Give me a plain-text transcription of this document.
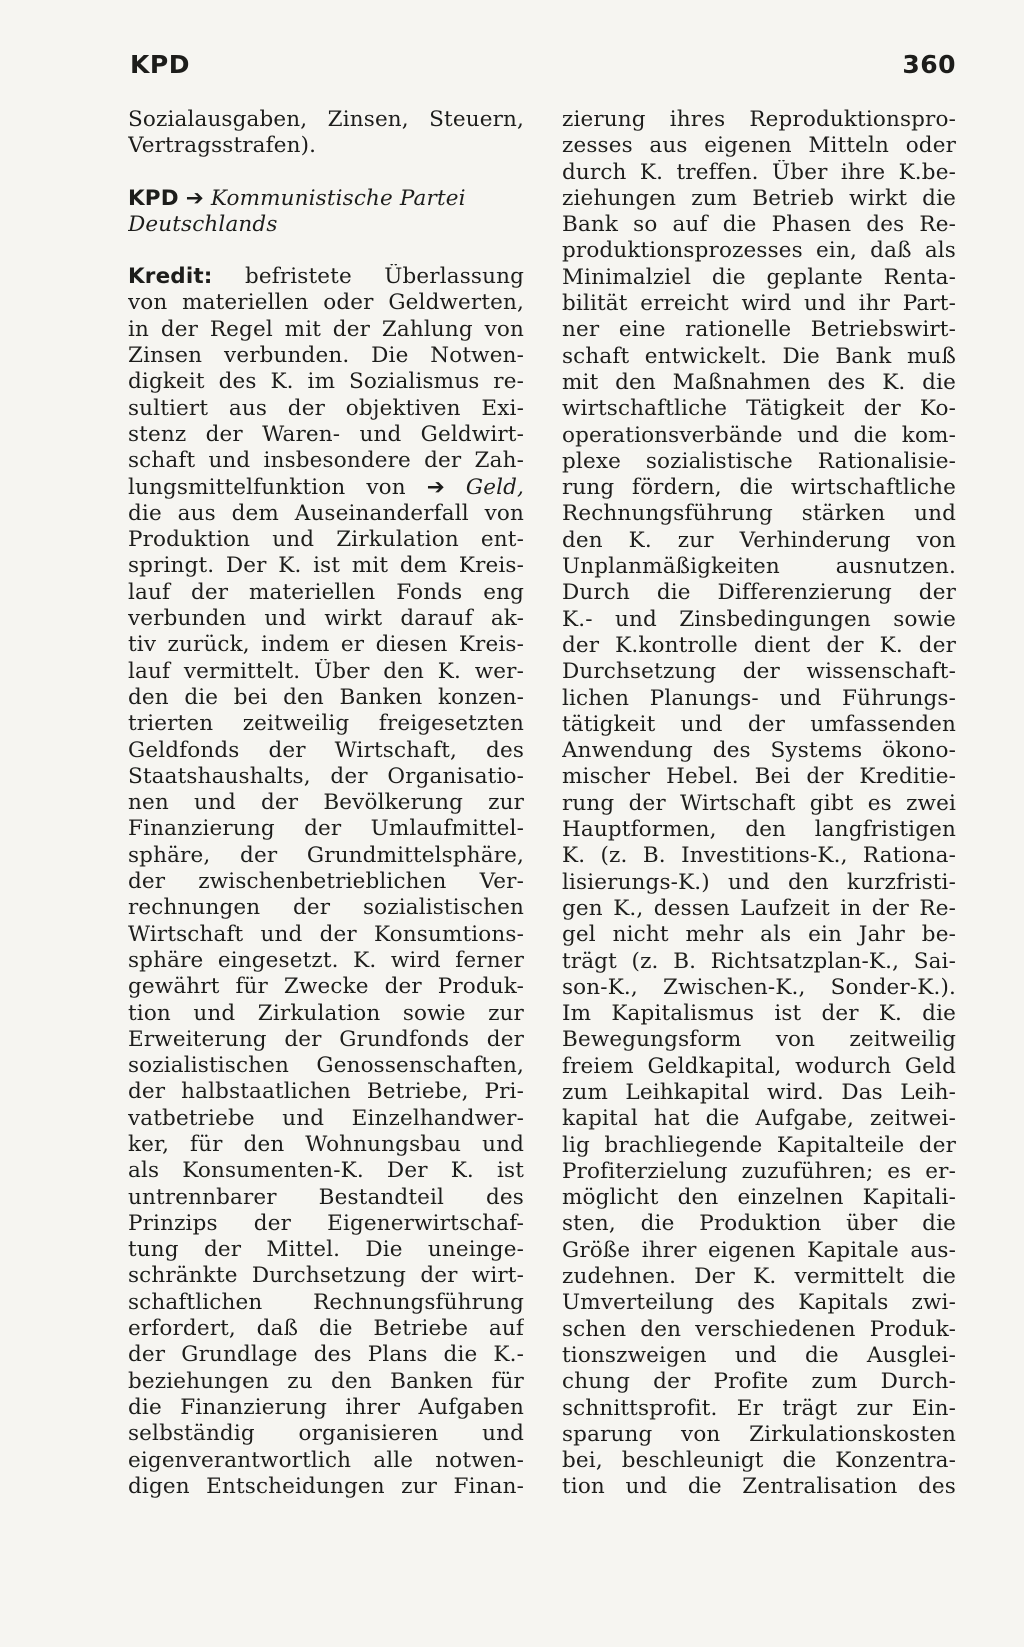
KPD	360
Sozialausgaben, Zinsen, Steuern,
Vertragsstrafen).
KPD ➔ Kommunistische Partei
Deutschlands
Kredit: befristete Überlassung
von materiellen oder Geldwerten,
in der Regel mit der Zahlung von
Zinsen verbunden. Die Notwen-
digkeit des K. im Sozialismus re-
sultiert aus der objektiven Exi-
stenz der Waren- und Geldwirt-
schaft und insbesondere der Zah-
lungsmittelfunktion von ➔ Geld,
die aus dem Auseinanderfall von
Produktion und Zirkulation ent-
springt. Der K. ist mit dem Kreis-
lauf der materiellen Fonds eng
verbunden und wirkt darauf ak-
tiv zurück, indem er diesen Kreis-
lauf vermittelt. Über den K. wer-
den die bei den Banken konzen-
trierten zeitweilig freigesetzten
Geldfonds der Wirtschaft, des
Staatshaushalts, der Organisatio-
nen und der Bevölkerung zur
Finanzierung der Umlaufmittel-
sphäre, der Grundmittelsphäre,
der zwischenbetrieblichen Ver-
rechnungen der sozialistischen
Wirtschaft und der Konsumtions-
sphäre eingesetzt. K. wird ferner
gewährt für Zwecke der Produk-
tion und Zirkulation sowie zur
Erweiterung der Grundfonds der
sozialistischen Genossenschaften,
der halbstaatlichen Betriebe, Pri-
vatbetriebe und Einzelhandwer-
ker, für den Wohnungsbau und
als Konsumenten-K. Der K. ist
untrennbarer Bestandteil des
Prinzips der Eigenerwirtschaf-
tung der Mittel. Die uneinge-
schränkte Durchsetzung der wirt-
schaftlichen Rechnungsführung
erfordert, daß die Betriebe auf
der Grundlage des Plans die K.-
beziehungen zu den Banken für
die Finanzierung ihrer Aufgaben
selbständig organisieren und
eigenverantwortlich alle notwen-
digen Entscheidungen zur Finan-
zierung ihres Reproduktionspro-
zesses aus eigenen Mitteln oder
durch K. treffen. Über ihre K.be-
ziehungen zum Betrieb wirkt die
Bank so auf die Phasen des Re-
produktionsprozesses ein, daß als
Minimalziel die geplante Renta-
bilität erreicht wird und ihr Part-
ner eine rationelle Betriebswirt-
schaft entwickelt. Die Bank muß
mit den Maßnahmen des K. die
wirtschaftliche Tätigkeit der Ko-
operationsverbände und die kom-
plexe sozialistische Rationalisie-
rung fördern, die wirtschaftliche
Rechnungsführung stärken und
den K. zur Verhinderung von
Unplanmäßigkeiten ausnutzen.
Durch die Differenzierung der
K.- und Zinsbedingungen sowie
der K.kontrolle dient der K. der
Durchsetzung der wissenschaft-
lichen Planungs- und Führungs-
tätigkeit und der umfassenden
Anwendung des Systems ökono-
mischer Hebel. Bei der Kreditie-
rung der Wirtschaft gibt es zwei
Hauptformen, den langfristigen
K. (z. B. Investitions-K., Rationa-
lisierungs-K.) und den kurzfristi-
gen K., dessen Laufzeit in der Re-
gel nicht mehr als ein Jahr be-
trägt (z. B. Richtsatzplan-K., Sai-
son-K., Zwischen-K., Sonder-K.).
Im Kapitalismus ist der K. die
Bewegungsform von zeitweilig
freiem Geldkapital, wodurch Geld
zum Leihkapital wird. Das Leih-
kapital hat die Aufgabe, zeitwei-
lig brachliegende Kapitalteile der
Profiterzielung zuzuführen; es er-
möglicht den einzelnen Kapitali-
sten, die Produktion über die
Größe ihrer eigenen Kapitale aus-
zudehnen. Der K. vermittelt die
Umverteilung des Kapitals zwi-
schen den verschiedenen Produk-
tionszweigen und die Ausglei-
chung der Profite zum Durch-
schnittsprofit. Er trägt zur Ein-
sparung von Zirkulationskosten
bei, beschleunigt die Konzentra-
tion und die Zentralisation des
